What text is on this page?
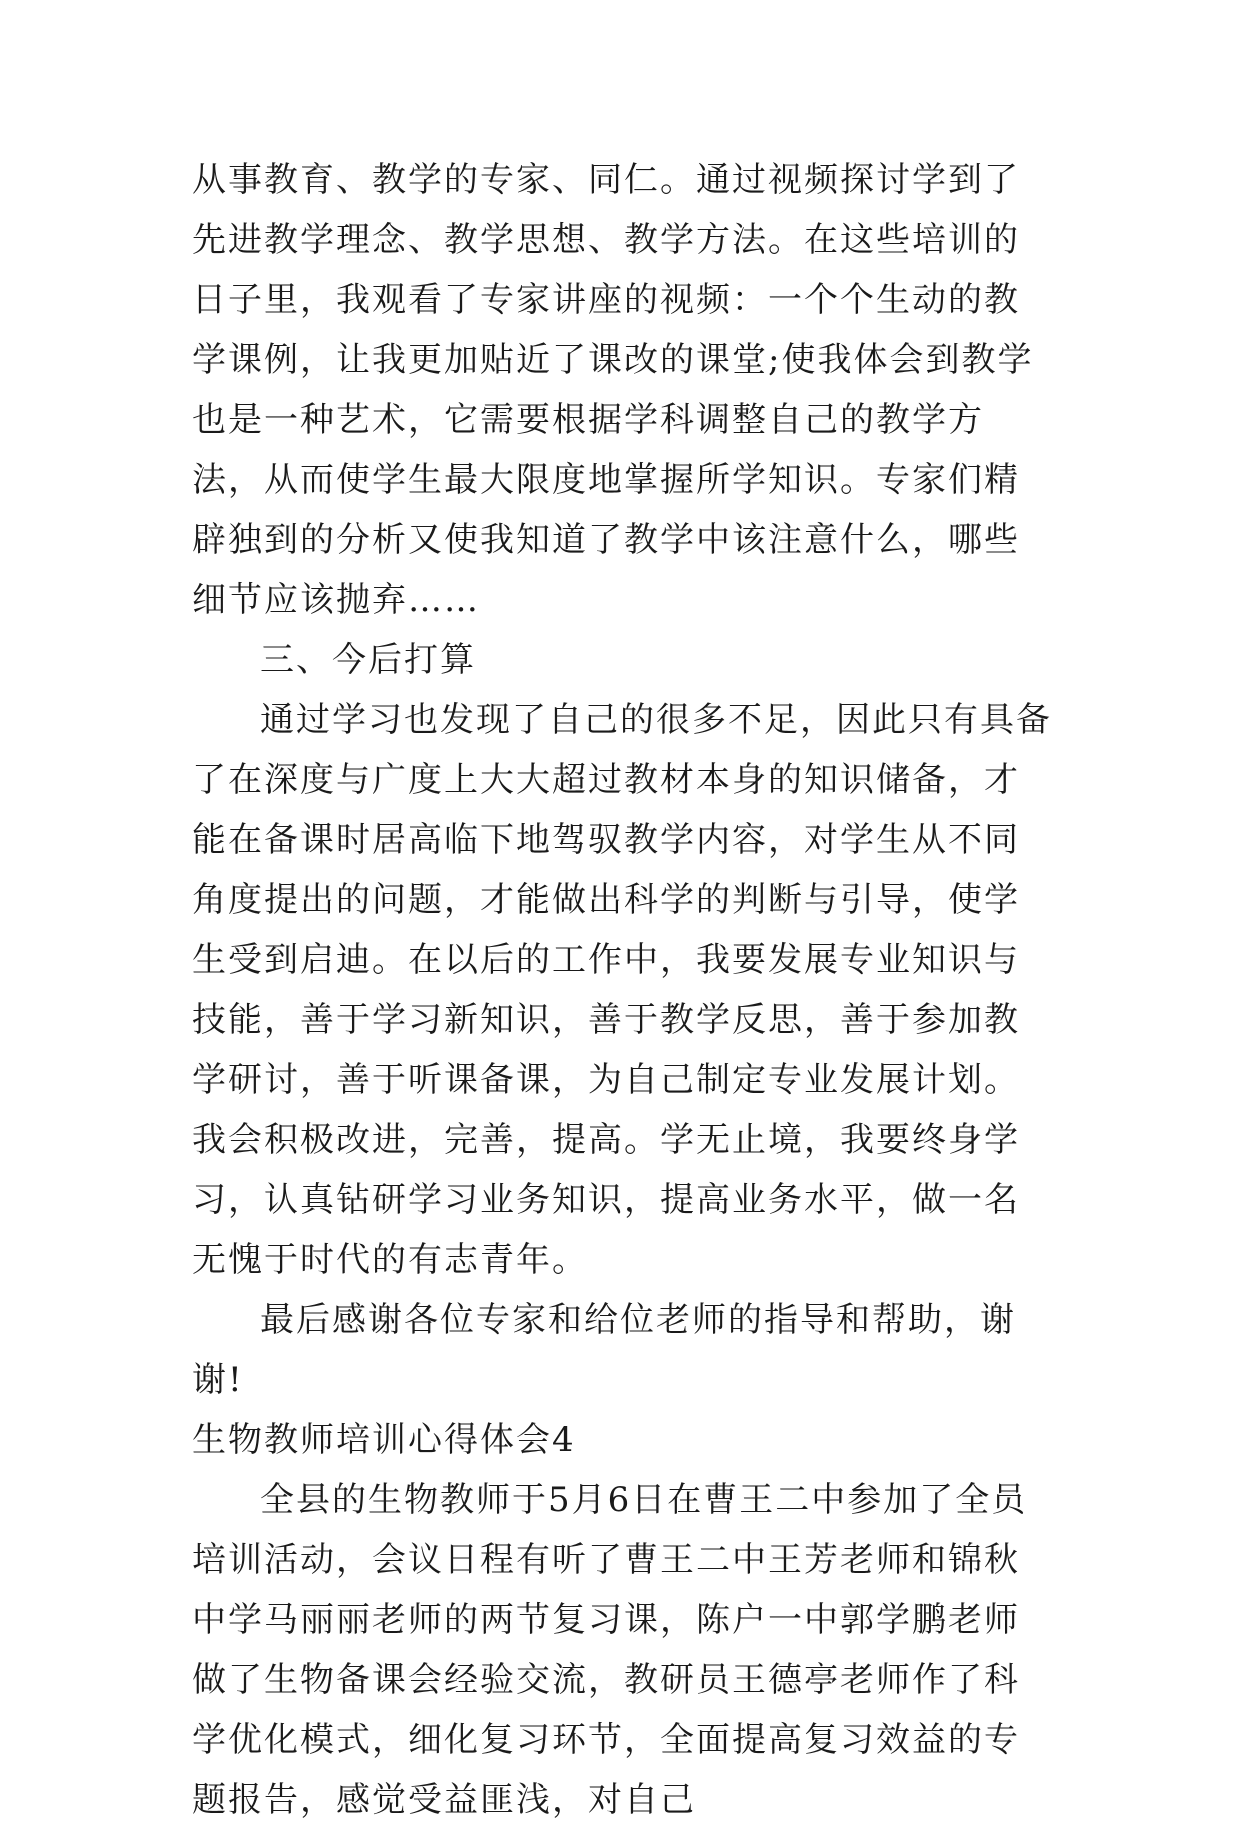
从事教育、教学的专家、同仁。通过视频探讨学到了先进教学理念、教学思想、教学方法。在这些培训的日子里，我观看了专家讲座的视频：一个个生动的教学课例，让我更加贴近了课改的课堂;使我体会到教学也是一种艺术，它需要根据学科调整自己的教学方法，从而使学生最大限度地掌握所学知识。专家们精辟独到的分析又使我知道了教学中该注意什么，哪些细节应该抛弃……

三、今后打算

通过学习也发现了自己的很多不足，因此只有具备了在深度与广度上大大超过教材本身的知识储备，才能在备课时居高临下地驾驭教学内容，对学生从不同角度提出的问题，才能做出科学的判断与引导，使学生受到启迪。在以后的工作中，我要发展专业知识与技能，善于学习新知识，善于教学反思，善于参加教学研讨，善于听课备课，为自己制定专业发展计划。我会积极改进，完善，提高。学无止境，我要终身学习，认真钻研学习业务知识，提高业务水平，做一名无愧于时代的有志青年。

最后感谢各位专家和给位老师的指导和帮助，谢谢!

生物教师培训心得体会4

全县的生物教师于5月6日在曹王二中参加了全员培训活动，会议日程有听了曹王二中王芳老师和锦秋中学马丽丽老师的两节复习课，陈户一中郭学鹏老师做了生物备课会经验交流，教研员王德亭老师作了科学优化模式，细化复习环节，全面提高复习效益的专题报告，感觉受益匪浅，对自己
